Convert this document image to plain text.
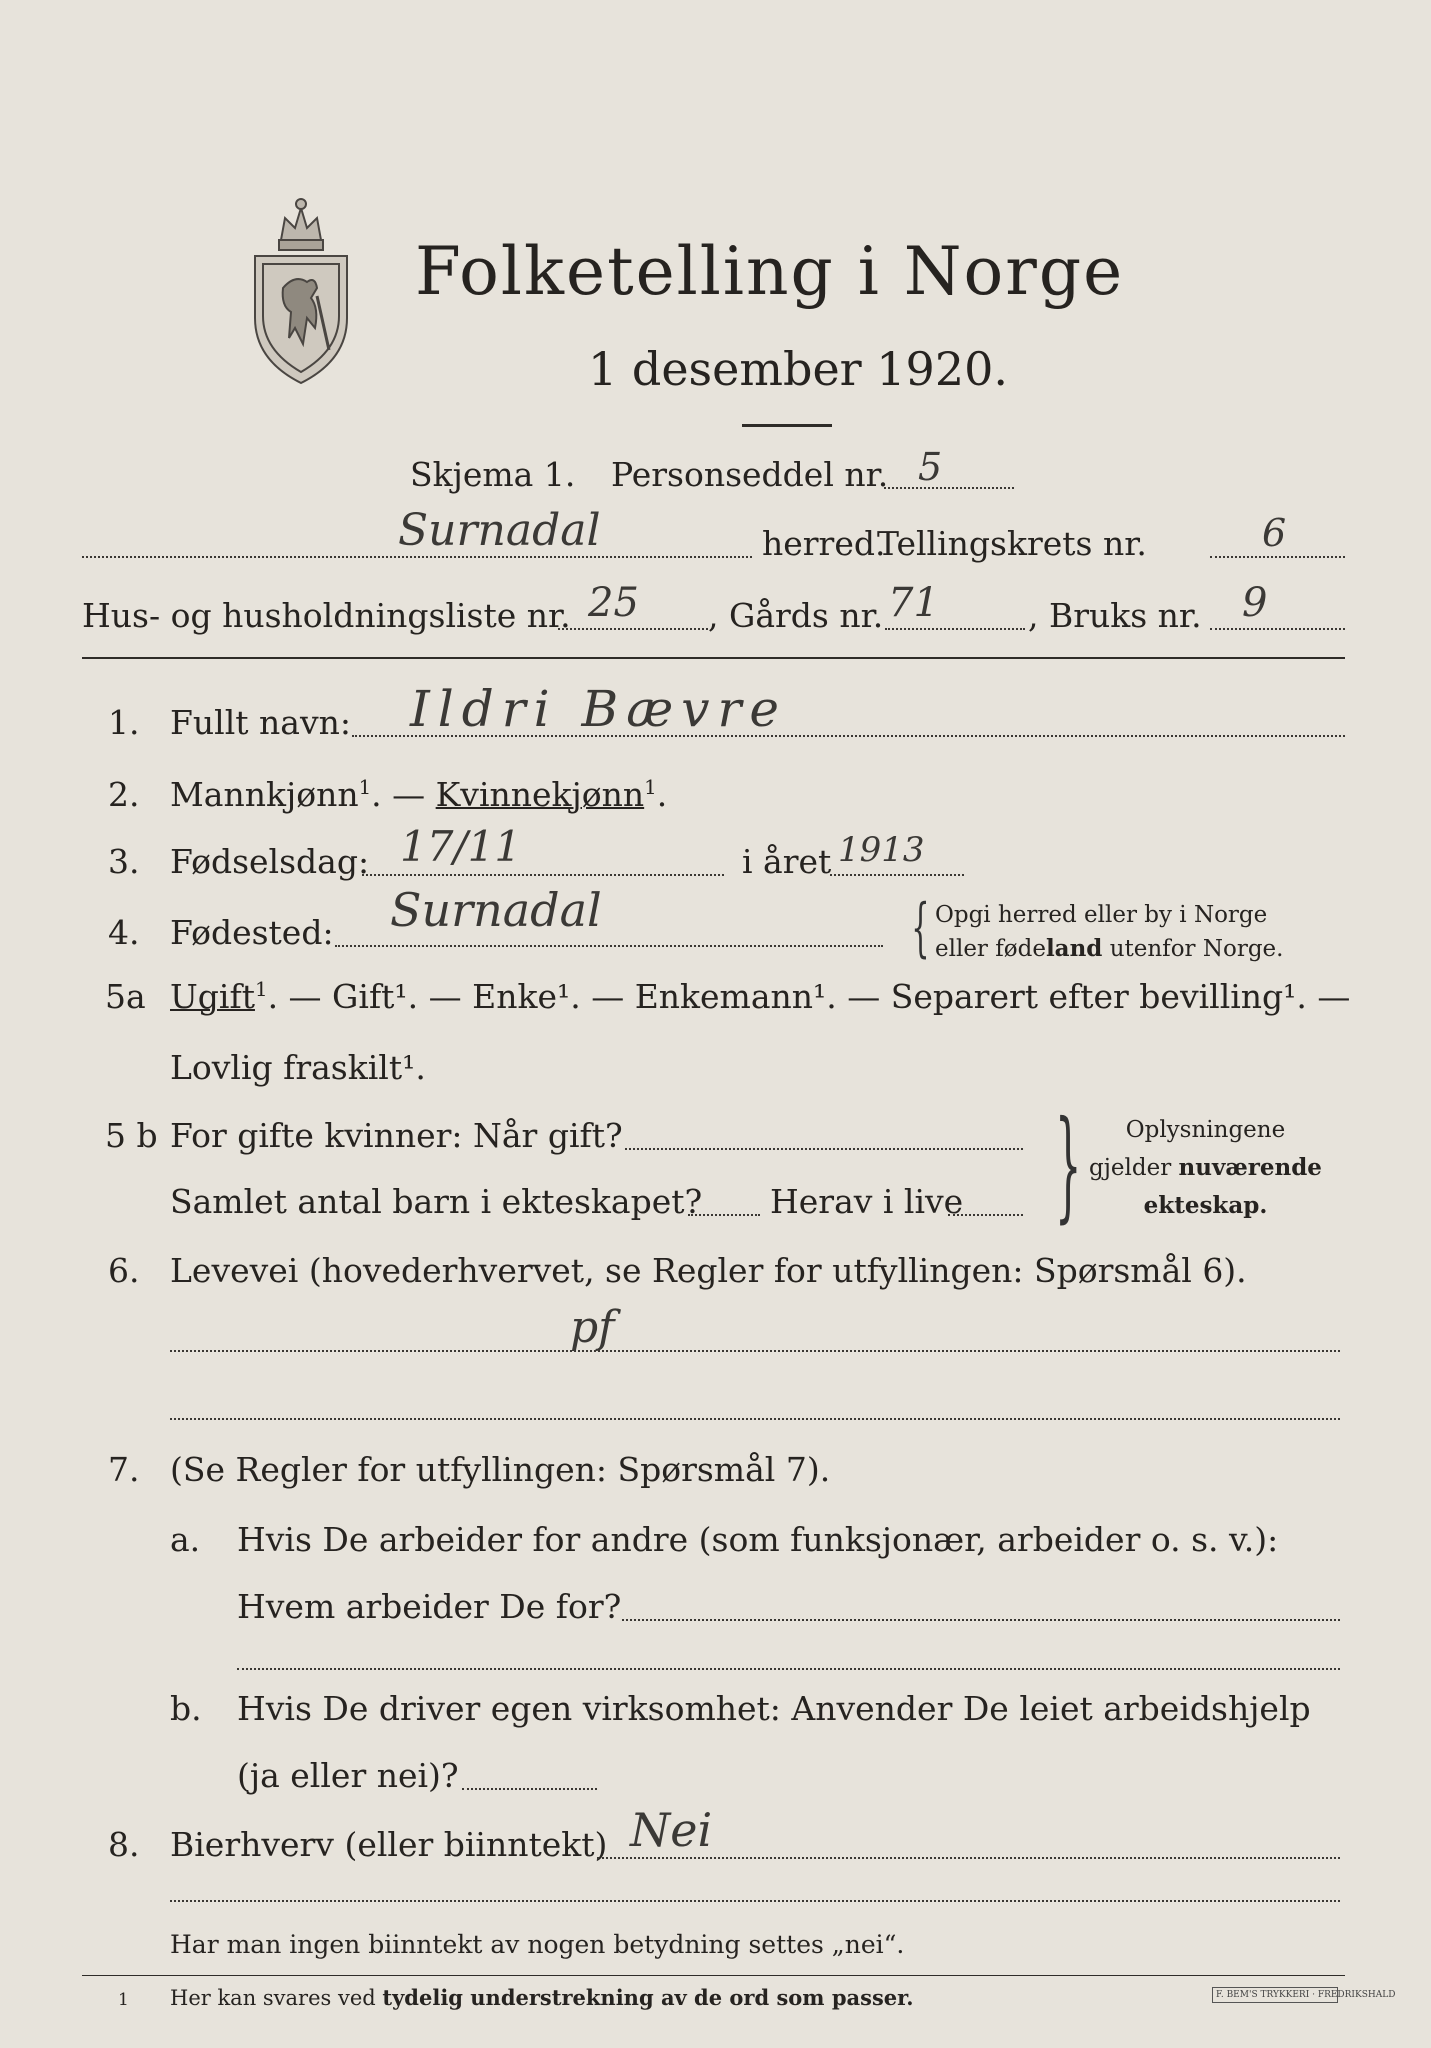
Folketelling i Norge
1 desember 1920.
Skjema 1. Personseddel nr. 5
Surnadal	herred.
Tellingskrets nr.	6
Hus- og husholdningsliste nr. 25 , Gårds nr. 71	, Bruks nr. 9
1. Fullt navn: Ildri Bævre
2. Mannkjønn$^1$. — Kvinnekjønn$^1$.
3. Fødselsdag: 17/11	i året 1913
4. Fødested: Surnadal	{ Opgi herred eller by i Norge
eller fødeland utenfor Norge.
5a Ugift$^1$. — Gift¹. — Enke¹. — Enkemann¹. — Separert efter bevilling¹. —
Lovlig fraskilt¹.
5 b For gifte kvinner: Når gift?
Samlet antal barn i ekteskapet? Herav i live }	Oplysningene
gjelder nuværende
ekteskap.
6. Levevei (hovederhvervet, se Regler for utfyllingen: Spørsmål 6).
pf
7. (Se Regler for utfyllingen: Spørsmål 7).
a. Hvis De arbeider for andre (som funksjonær, arbeider o. s. v.):
Hvem arbeider De for?
b. Hvis De driver egen virksomhet: Anvender De leiet arbeidshjelp
(ja eller nei)?
8. Bierhverv (eller biinntekt) Nei
Har man ingen biinntekt av nogen betydning settes „nei“.
1 Her kan svares ved tydelig understrekning av de ord som passer.	F. BEM'S TRYKKERI · FREDRIKSHALD
